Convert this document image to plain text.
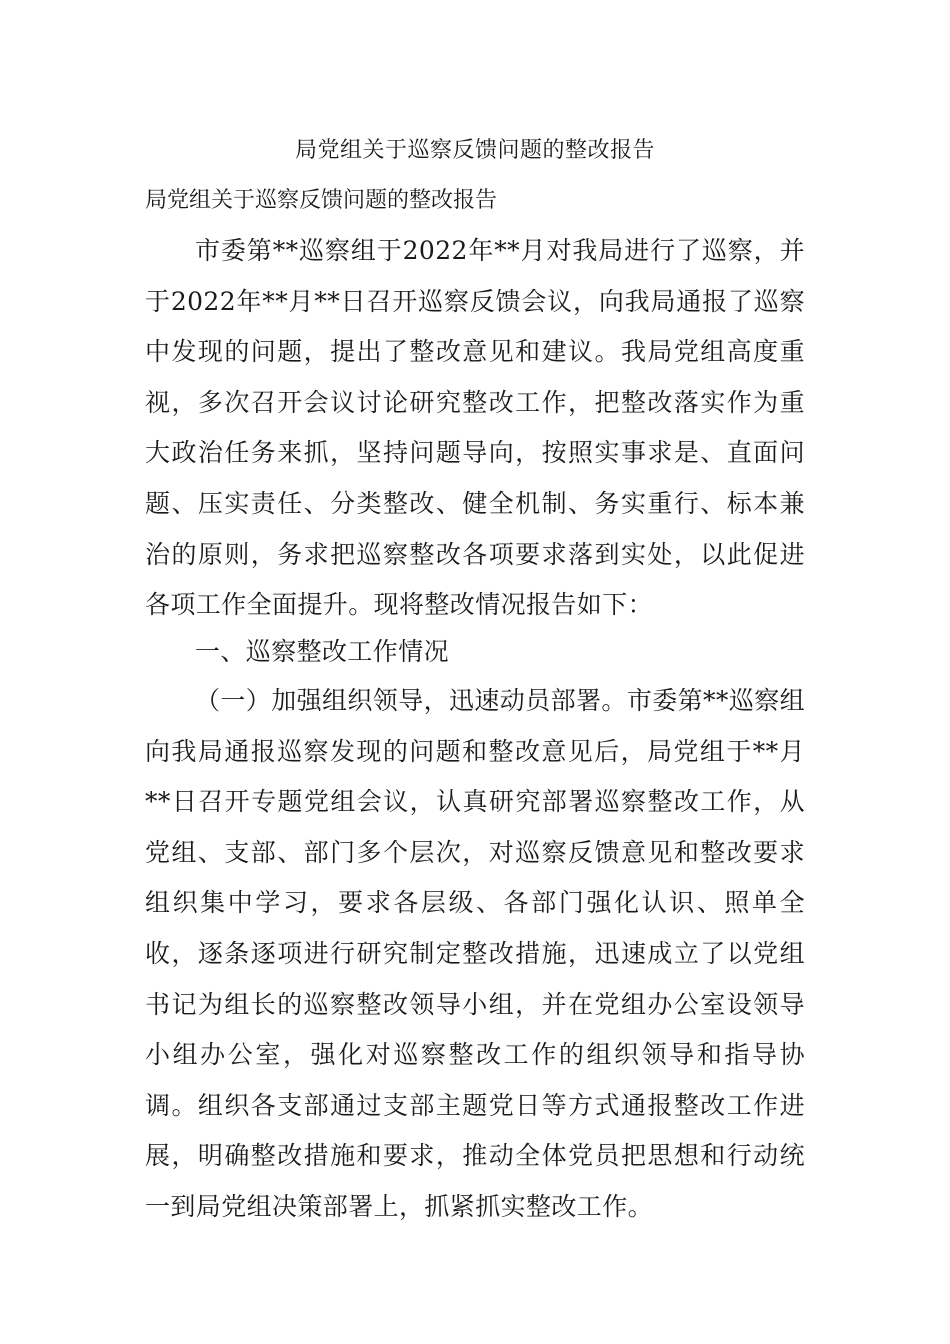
局党组关于巡察反馈问题的整改报告
局党组关于巡察反馈问题的整改报告

市委第**巡察组于2022年**月对我局进行了巡察，并于2022年**月**日召开巡察反馈会议，向我局通报了巡察中发现的问题，提出了整改意见和建议。我局党组高度重视，多次召开会议讨论研究整改工作，把整改落实作为重大政治任务来抓，坚持问题导向，按照实事求是、直面问题、压实责任、分类整改、健全机制、务实重行、标本兼治的原则，务求把巡察整改各项要求落到实处，以此促进各项工作全面提升。现将整改情况报告如下：

一、巡察整改工作情况

（一）加强组织领导，迅速动员部署。市委第**巡察组向我局通报巡察发现的问题和整改意见后，局党组于**月**日召开专题党组会议，认真研究部署巡察整改工作，从党组、支部、部门多个层次，对巡察反馈意见和整改要求组织集中学习，要求各层级、各部门强化认识、照单全收，逐条逐项进行研究制定整改措施，迅速成立了以党组书记为组长的巡察整改领导小组，并在党组办公室设领导小组办公室，强化对巡察整改工作的组织领导和指导协调。组织各支部通过支部主题党日等方式通报整改工作进展，明确整改措施和要求，推动全体党员把思想和行动统一到局党组决策部署上，抓紧抓实整改工作。
